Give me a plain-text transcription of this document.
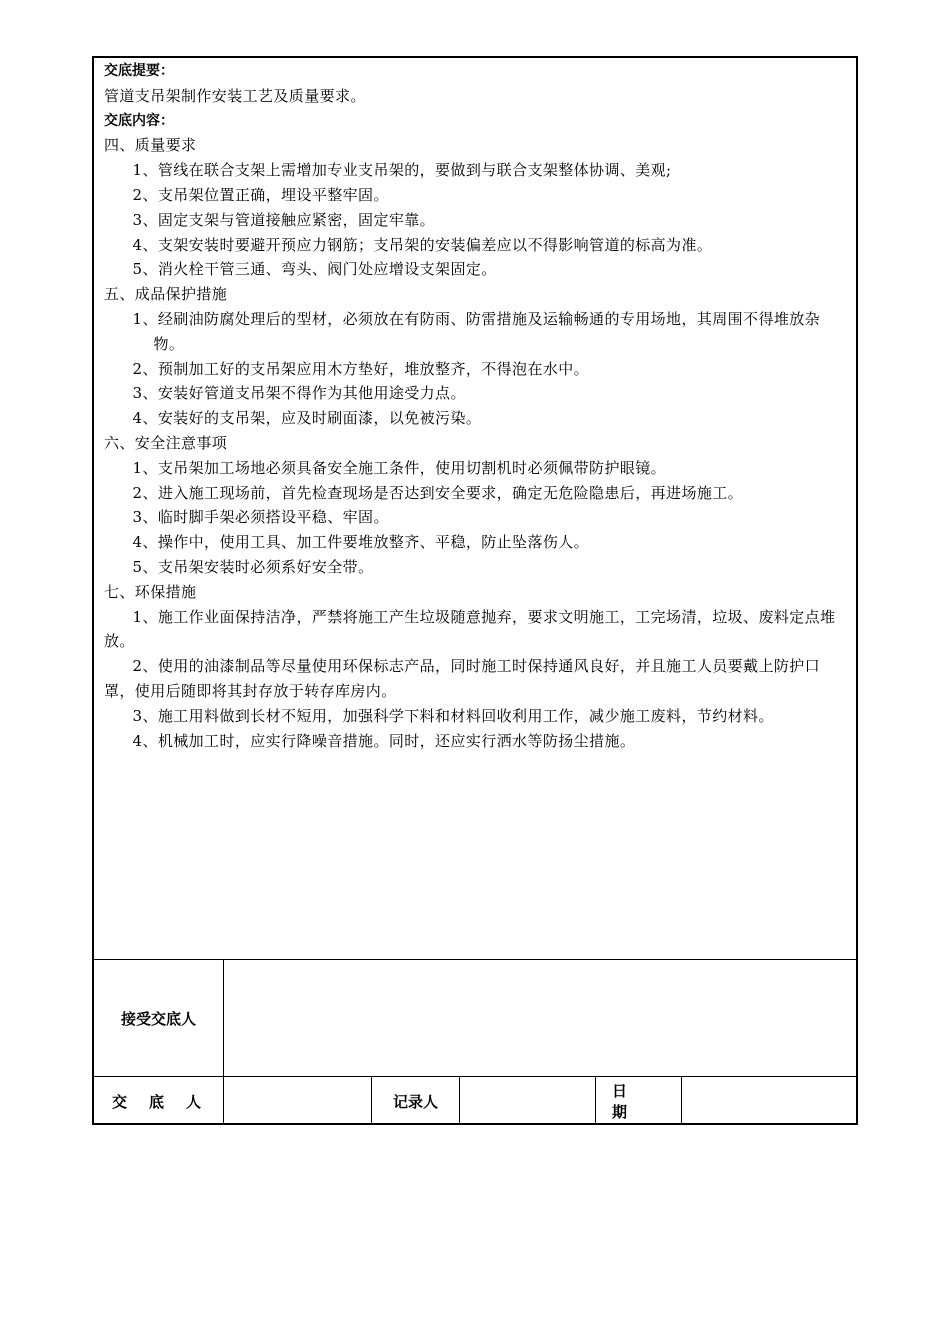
交底提要：

管道支吊架制作安装工艺及质量要求。

交底内容：

四、质量要求

1、管线在联合支架上需增加专业支吊架的，要做到与联合支架整体协调、美观;

2、支吊架位置正确，埋设平整牢固。

3、固定支架与管道接触应紧密，固定牢靠。

4、支架安装时要避开预应力钢筋；支吊架的安装偏差应以不得影响管道的标高为准。

5、消火栓干管三通、弯头、阀门处应增设支架固定。

五、成品保护措施

1、经刷油防腐处理后的型材，必须放在有防雨、防雷措施及运输畅通的专用场地，其周围不得堆放杂物。

2、预制加工好的支吊架应用木方垫好，堆放整齐，不得泡在水中。

3、安装好管道支吊架不得作为其他用途受力点。

4、安装好的支吊架，应及时刷面漆，以免被污染。

六、安全注意事项

1、支吊架加工场地必须具备安全施工条件，使用切割机时必须佩带防护眼镜。

2、进入施工现场前，首先检查现场是否达到安全要求，确定无危险隐患后，再进场施工。

3、临时脚手架必须搭设平稳、牢固。

4、操作中，使用工具、加工件要堆放整齐、平稳，防止坠落伤人。

5、支吊架安装时必须系好安全带。

七、环保措施

1、施工作业面保持洁净，严禁将施工产生垃圾随意抛弃，要求文明施工，工完场清，垃圾、废料定点堆放。

2、使用的油漆制品等尽量使用环保标志产品，同时施工时保持通风良好，并且施工人员要戴上防护口罩，使用后随即将其封存放于转存库房内。

3、施工用料做到长材不短用，加强科学下料和材料回收利用工作，减少施工废料，节约材料。

4、机械加工时，应实行降噪音措施。同时，还应实行洒水等防扬尘措施。

接受交底人
交底人	记录人
日期
